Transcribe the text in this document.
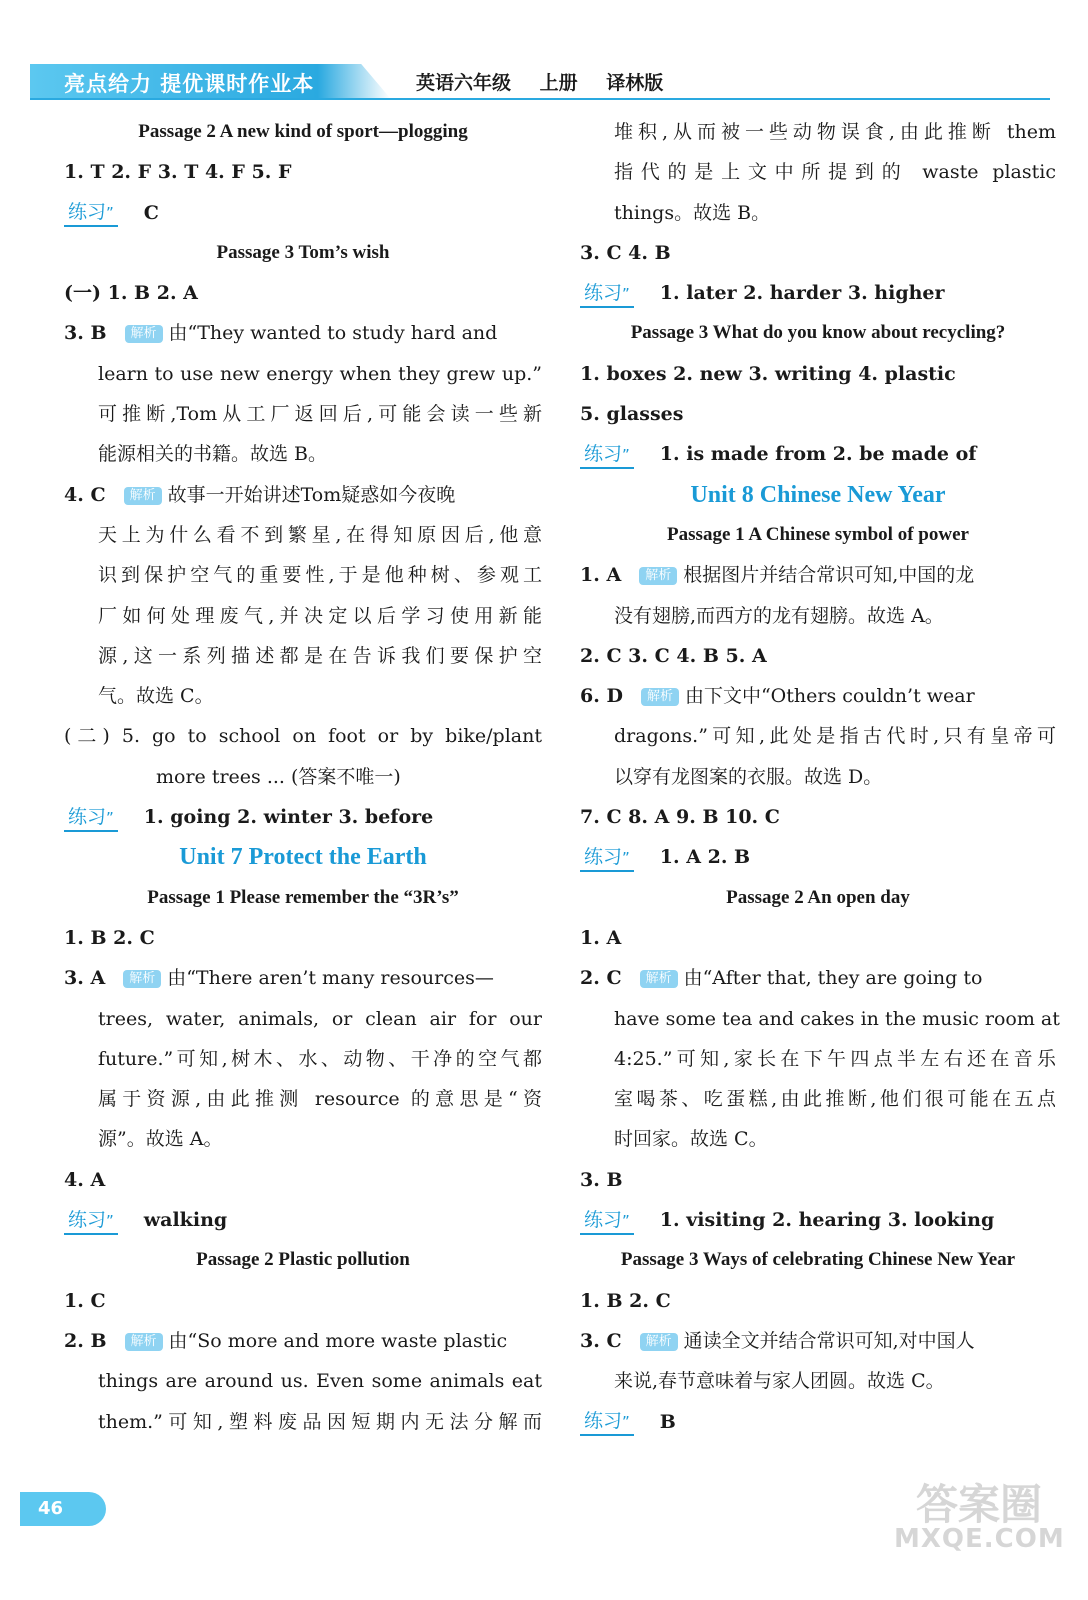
亮点给力 提优课时作业本	英语六年级 上册 译林版
Passage 2 A new kind of sport—plogging
1. T 2. F 3. T 4. F 5. F
练习” C
Passage 3 Tom’s wish
(一) 1. B 2. A
3. B 解析 由“They wanted to study hard and
learn to use new energy when they grew up.”
可推断,Tom从工厂返回后,可能会读一些新
能源相关的书籍。故选 B。
4. C 解析 故事一开始讲述Tom疑惑如今夜晚
天上为什么看不到繁星,在得知原因后,他意
识到保护空气的重要性,于是他种树、参观工
厂如何处理废气,并决定以后学习使用新能
源,这一系列描述都是在告诉我们要保护空
气。故选 C。
(二) 5. go to school on foot or by bike/plant
more trees ... (答案不唯一)
练习” 1. going 2. winter 3. before
Unit 7 Protect the Earth
Passage 1 Please remember the “3R’s”
1. B 2. C
3. A 解析 由“There aren’t many resources—
trees, water, animals, or clean air for our
future.”可知,树木、水、动物、干净的空气都
属于资源,由此推测 resource 的意思是“资
源”。故选 A。
4. A
练习” walking
Passage 2 Plastic pollution
1. C
2. B 解析 由“So more and more waste plastic
things are around us. Even some animals eat
them.”可知,塑料废品因短期内无法分解而
堆积,从而被一些动物误食,由此推断 them
指代的是上文中所提到的 waste plastic
things。故选 B。
3. C 4. B
练习” 1. later 2. harder 3. higher
Passage 3 What do you know about recycling?
1. boxes 2. new 3. writing 4. plastic
5. glasses
练习” 1. is made from 2. be made of
Unit 8 Chinese New Year
Passage 1 A Chinese symbol of power
1. A 解析 根据图片并结合常识可知,中国的龙
没有翅膀,而西方的龙有翅膀。故选 A。
2. C 3. C 4. B 5. A
6. D 解析 由下文中“Others couldn’t wear
dragons.”可知,此处是指古代时,只有皇帝可
以穿有龙图案的衣服。故选 D。
7. C 8. A 9. B 10. C
练习” 1. A 2. B
Passage 2 An open day
1. A
2. C 解析 由“After that, they are going to
have some tea and cakes in the music room at
4:25.”可知,家长在下午四点半左右还在音乐
室喝茶、吃蛋糕,由此推断,他们很可能在五点
时回家。故选 C。
3. B
练习” 1. visiting 2. hearing 3. looking
Passage 3 Ways of celebrating Chinese New Year
1. B 2. C
3. C 解析 通读全文并结合常识可知,对中国人
来说,春节意味着与家人团圆。故选 C。
练习” B
46	答案圈
MXQE.COM
